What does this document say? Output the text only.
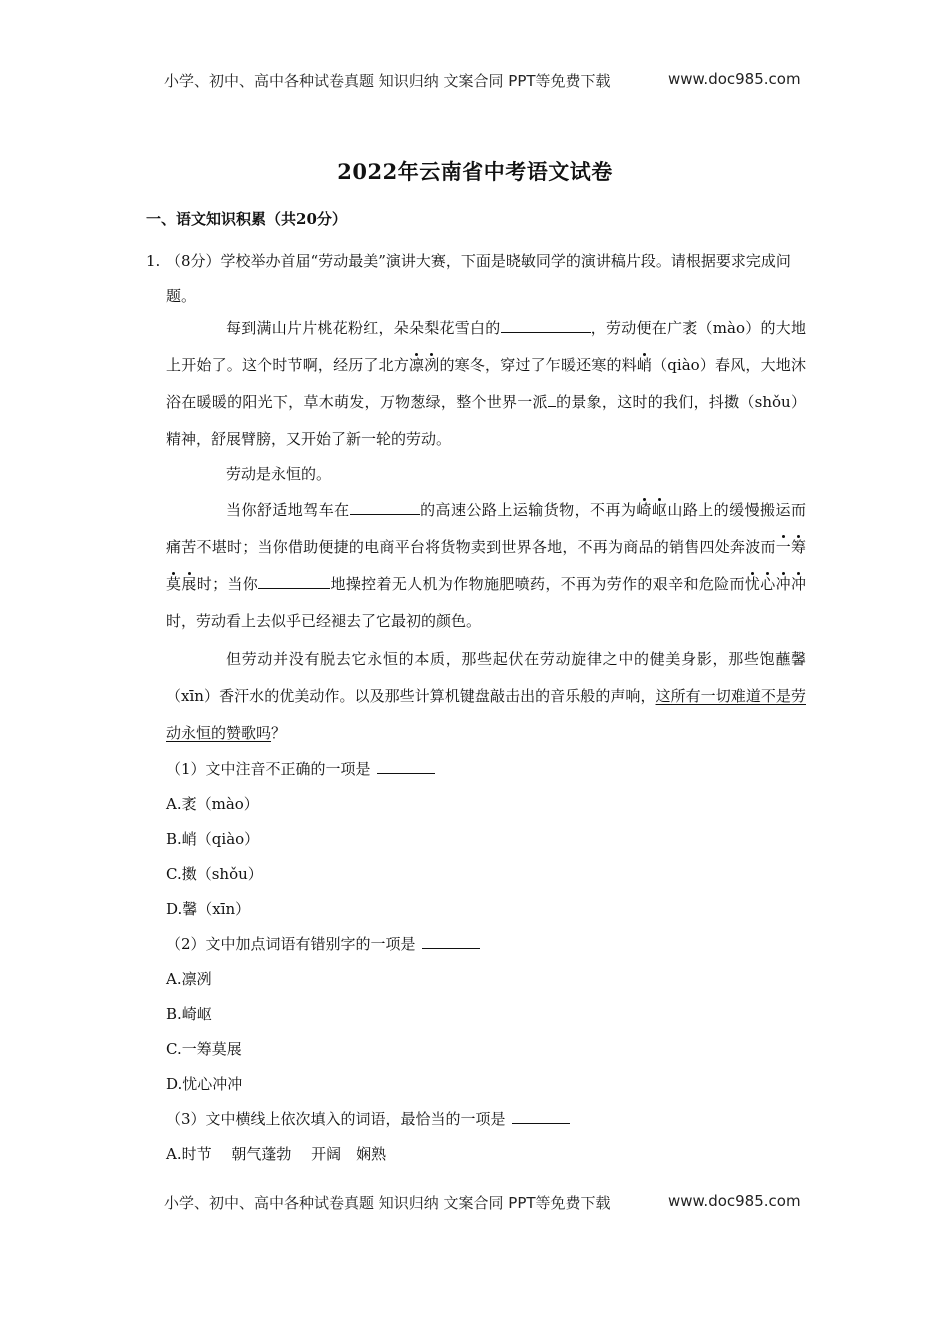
小学、初中、高中各种试卷真题 知识归纳 文案合同 PPT等免费下载	www.doc985.com
2022年云南省中考语文试卷
一、语文知识积累（共20分）
1. （8分）学校举办首届“劳动最美”演讲大赛，下面是晓敏同学的演讲稿片段。请根据要求完成问题。

每到满山片片桃花粉红，朵朵梨花雪白的	，劳动便在广袤（mào）的大地上开始了。这个时节啊，经历了北方凛冽的寒冬，穿过了乍暖还寒的料峭（qiào）春风，大地沐浴在暖暖的阳光下，草木萌发，万物葱绿，整个世界一派 的景象，这时的我们，抖擞（shǒu）精神，舒展臂膀，又开始了新一轮的劳动。

劳动是永恒的。

当你舒适地驾车在	的高速公路上运输货物，不再为崎岖山路上的缓慢搬运而痛苦不堪时；当你借助便捷的电商平台将货物卖到世界各地，不再为商品的销售四处奔波而一筹莫展时；当你	地操控着无人机为作物施肥喷药，不再为劳作的艰辛和危险而忧心冲冲时，劳动看上去似乎已经褪去了它最初的颜色。

但劳动并没有脱去它永恒的本质，那些起伏在劳动旋律之中的健美身影，那些饱蘸馨（xīn）香汗水的优美动作。以及那些计算机键盘敲击出的音乐般的声响，这所有一切难道不是劳动永恒的赞歌吗？

（1）文中注音不正确的一项是
A.袤（mào）
B.峭（qiào）
C.擞（shǒu）
D.馨（xīn）
（2）文中加点词语有错别字的一项是
A.凛冽
B.崎岖
C.一筹莫展
D.忧心冲冲
（3）文中横线上依次填入的词语，最恰当的一项是
A.时节　 朝气蓬勃　 开阔　娴熟
小学、初中、高中各种试卷真题 知识归纳 文案合同 PPT等免费下载	www.doc985.com
